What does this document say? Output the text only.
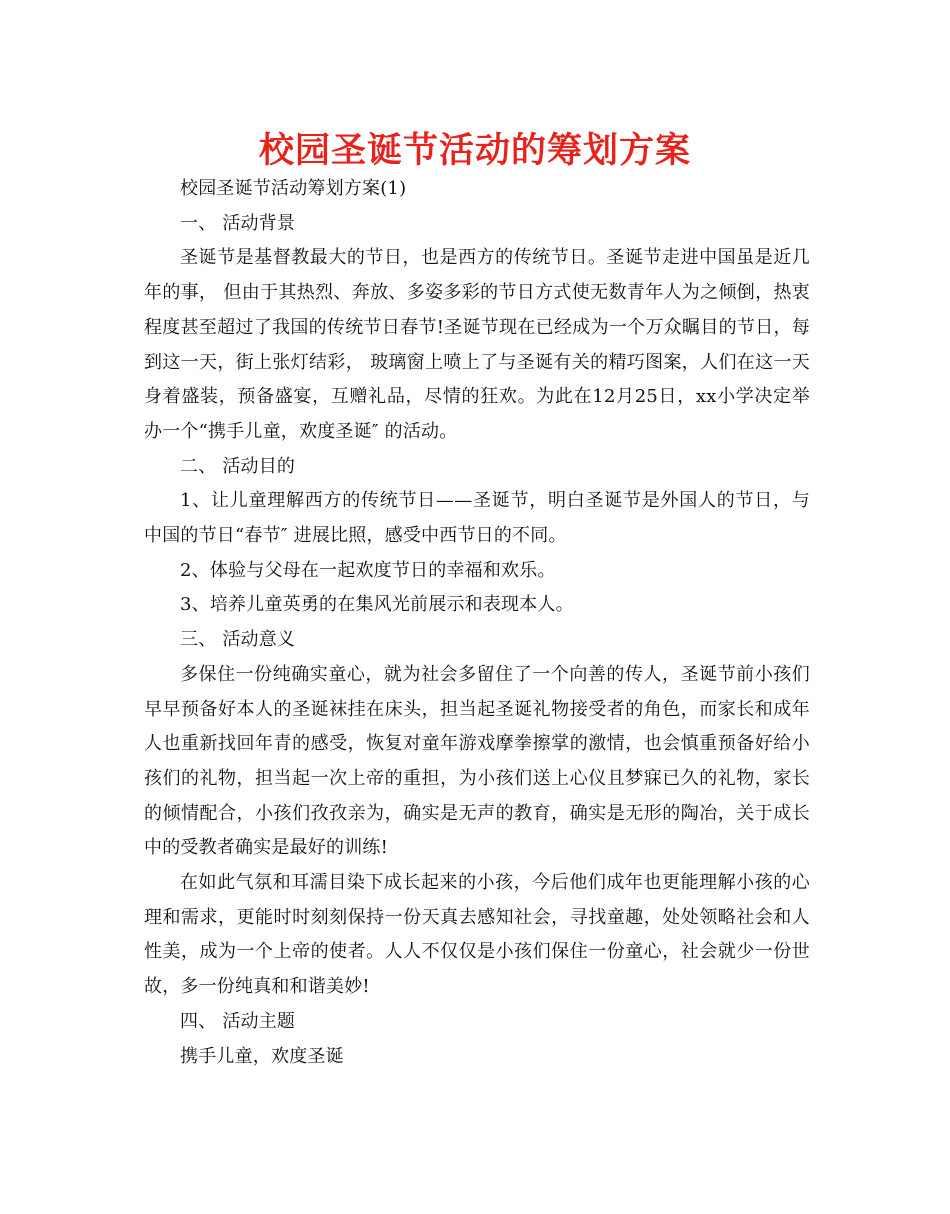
校园圣诞节活动的筹划方案

校园圣诞节活动筹划方案(1)

一、 活动背景

圣诞节是基督教最大的节日，也是西方的传统节日。圣诞节走进中国虽是近几年的事， 但由于其热烈、奔放、多姿多彩的节日方式使无数青年人为之倾倒，热衷程度甚至超过了我国的传统节日春节!圣诞节现在已经成为一个万众瞩目的节日，每到这一天，街上张灯结彩， 玻璃窗上喷上了与圣诞有关的精巧图案，人们在这一天身着盛装，预备盛宴，互赠礼品，尽情的狂欢。为此在12月25日，xx小学决定举办一个“携手儿童，欢度圣诞″ 的活动。

二、 活动目的

1、让儿童理解西方的传统节日——圣诞节，明白圣诞节是外国人的节日，与中国的节日“春节″ 进展比照，感受中西节日的不同。

2、体验与父母在一起欢度节日的幸福和欢乐。

3、培养儿童英勇的在集风光前展示和表现本人。

三、 活动意义

多保住一份纯确实童心，就为社会多留住了一个向善的传人，圣诞节前小孩们早早预备好本人的圣诞袜挂在床头，担当起圣诞礼物接受者的角色，而家长和成年人也重新找回年青的感受，恢复对童年游戏摩拳擦掌的激情，也会慎重预备好给小孩们的礼物，担当起一次上帝的重担，为小孩们送上心仪且梦寐已久的礼物，家长的倾情配合，小孩们孜孜亲为，确实是无声的教育，确实是无形的陶冶，关于成长中的受教者确实是最好的训练!

在如此气氛和耳濡目染下成长起来的小孩，今后他们成年也更能理解小孩的心理和需求，更能时时刻刻保持一份天真去感知社会，寻找童趣，处处领略社会和人性美，成为一个上帝的使者。人人不仅仅是小孩们保住一份童心，社会就少一份世故，多一份纯真和和谐美妙!

四、 活动主题

携手儿童，欢度圣诞
